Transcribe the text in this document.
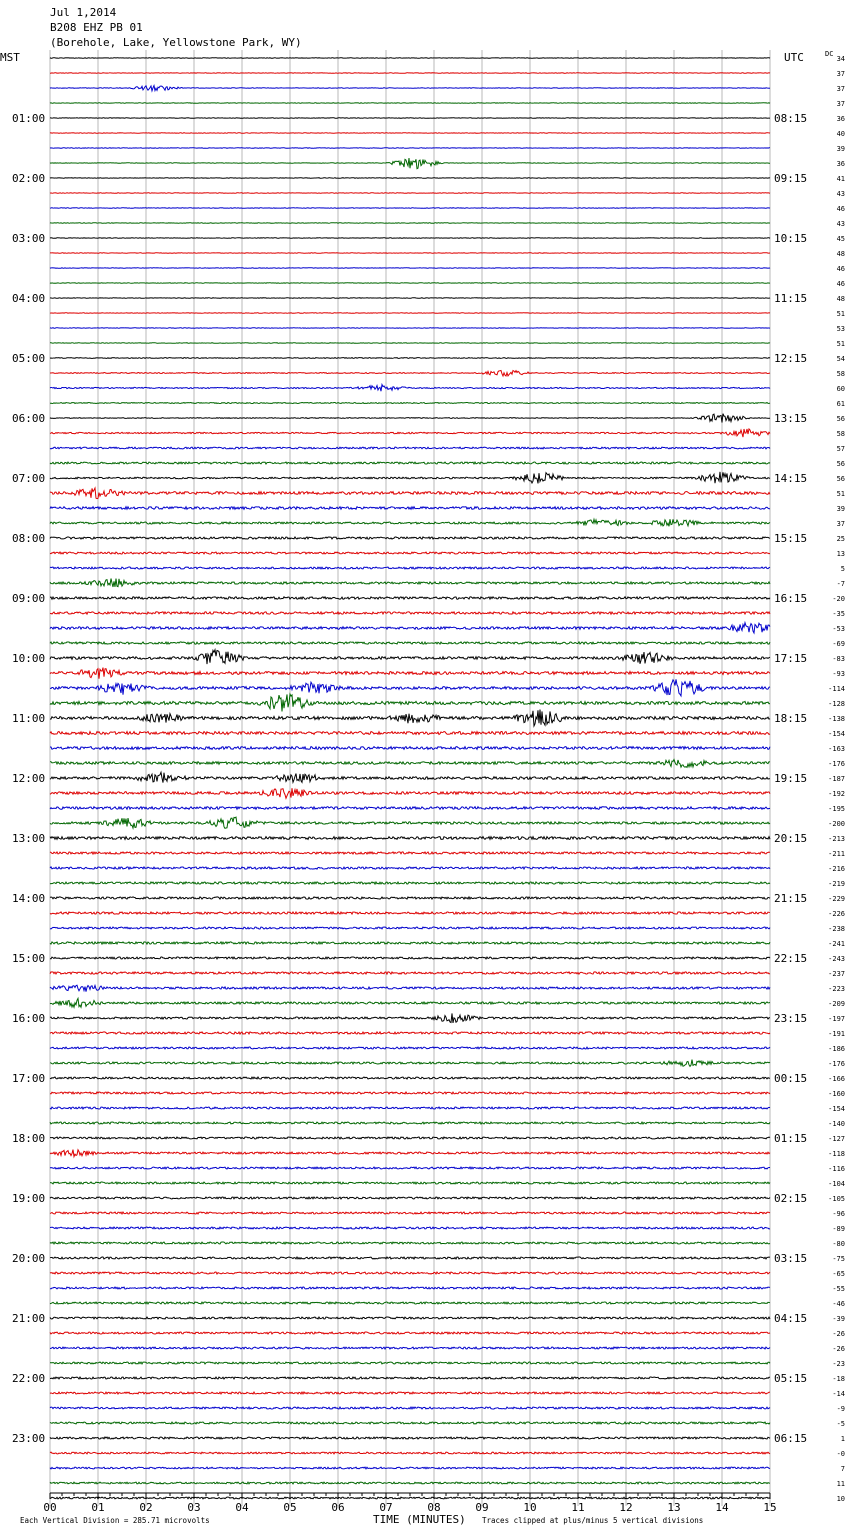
Jul 1,2014
B208 EHZ PB 01
(Borehole, Lake, Yellowstone Park, WY)
MST	UTC	DC
01:00
02:00
03:00
04:00
05:00
06:00
07:00
08:00
09:00
10:00
11:00
12:00
13:00
14:00
15:00
16:00
17:00
18:00
19:00
20:00
21:00
22:00
23:00
08:15
09:15
10:15
11:15
12:15
13:15
14:15
15:15
16:15
17:15
18:15
19:15
20:15
21:15
22:15
23:15
00:15
01:15
02:15
03:15
04:15
05:15
06:15
34
37
37
37
36
40
39
36
41
43
46
43
45
48
46
46
48
51
53
51
54
58
60
61
56
58
57
56
56
51
39
37
25
13
5
-7
-20
-35
-53
-69
-83
-93
-114
-128
-138
-154
-163
-176
-187
-192
-195
-200
-213
-211
-216
-219
-229
-226
-238
-241
-243
-237
-223
-209
-197
-191
-186
-176
-166
-160
-154
-140
-127
-118
-116
-104
-105
-96
-89
-80
-75
-65
-55
-46
-39
-26
-26
-23
-18
-14
-9
-5
1
-0
7
11
10
00	01	02	03	04	05	06	07	08	09	10	11	12	13	14	15
Each Vertical Division = 285.71 microvolts	TIME (MINUTES) Traces clipped at plus/minus 5 vertical divisions
